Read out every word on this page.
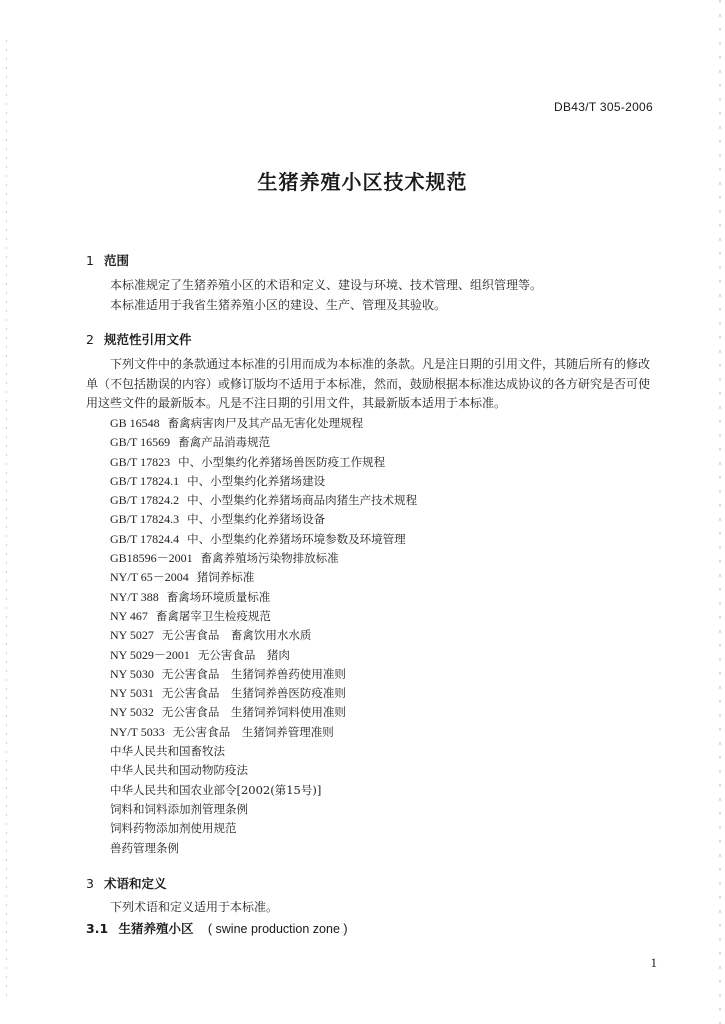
DB43/T 305-2006
生猪养殖小区技术规范
1 范围
本标准规定了生猪养殖小区的术语和定义、建设与环境、技术管理、组织管理等。
本标准适用于我省生猪养殖小区的建设、生产、管理及其验收。
2 规范性引用文件
下列文件中的条款通过本标准的引用而成为本标准的条款。凡是注日期的引用文件，其随后所有的修改单（不包括勘误的内容）或修订版均不适用于本标准，然而，鼓励根据本标准达成协议的各方研究是否可使用这些文件的最新版本。凡是不注日期的引用文件，其最新版本适用于本标准。
GB 16548 畜禽病害肉尸及其产品无害化处理规程
GB/T 16569 畜禽产品消毒规范
GB/T 17823 中、小型集约化养猪场兽医防疫工作规程
GB/T 17824.1 中、小型集约化养猪场建设
GB/T 17824.2 中、小型集约化养猪场商品肉猪生产技术规程
GB/T 17824.3 中、小型集约化养猪场设备
GB/T 17824.4 中、小型集约化养猪场环境参数及环境管理
GB18596－2001 畜禽养殖场污染物排放标准
NY/T 65－2004 猪饲养标准
NY/T 388 畜禽场环境质量标准
NY 467 畜禽屠宰卫生检疫规范
NY 5027 无公害食品　畜禽饮用水水质
NY 5029－2001 无公害食品　猪肉
NY 5030 无公害食品　生猪饲养兽药使用准则
NY 5031 无公害食品　生猪饲养兽医防疫准则
NY 5032 无公害食品　生猪饲养饲料使用准则
NY/T 5033 无公害食品　生猪饲养管理准则
中华人民共和国畜牧法
中华人民共和国动物防疫法
中华人民共和国农业部令[2002(第15号)]
饲料和饲料添加剂管理条例
饲料药物添加剂使用规范
兽药管理条例
3 术语和定义
下列术语和定义适用于本标准。
3.1 生猪养殖小区 ( swine production zone )
1
